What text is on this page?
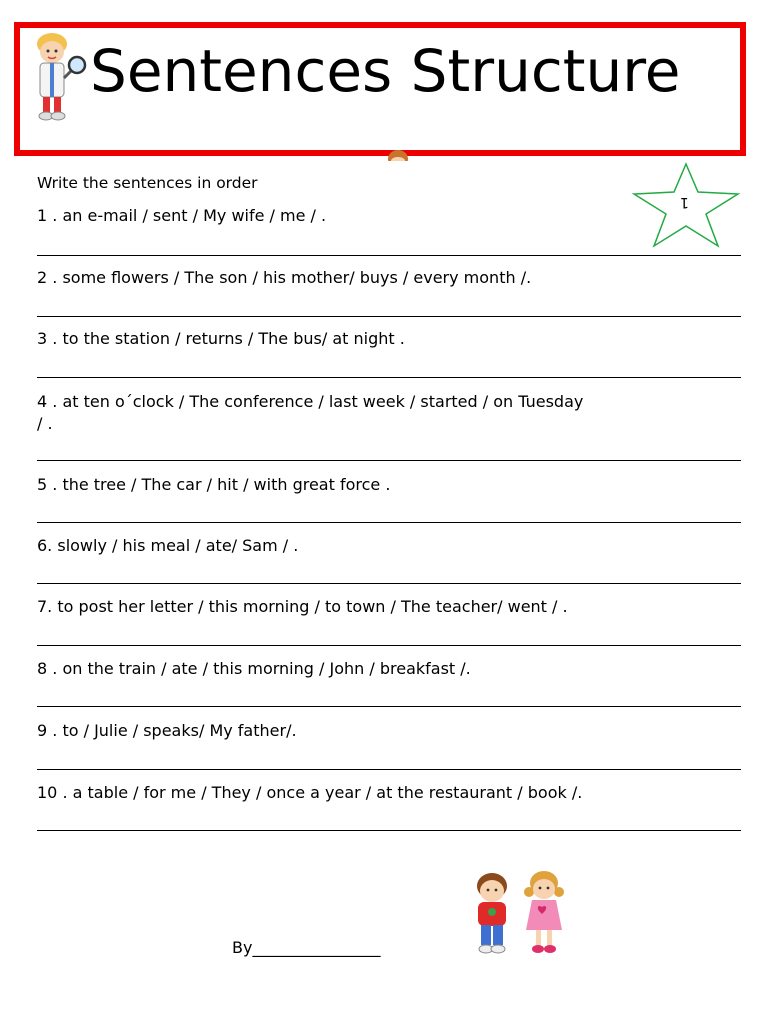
Sentences Structure
1
Write the sentences in order
1 . an e-mail / sent / My wife / me / .
2 . some flowers / The son / his mother/ buys / every month /.
3 . to the station / returns / The bus/ at night .
4 . at ten o´clock / The conference / last week / started / on Tuesday
/ .
5 . the tree / The car / hit / with great force .
6. slowly / his meal / ate/ Sam / .
7. to post her letter / this morning / to town / The teacher/ went / .
8 . on the train / ate / this morning / John / breakfast /.
9 . to / Julie / speaks/ My father/.
10 . a table / for me / They / once a year / at the restaurant / book /.
By________________
